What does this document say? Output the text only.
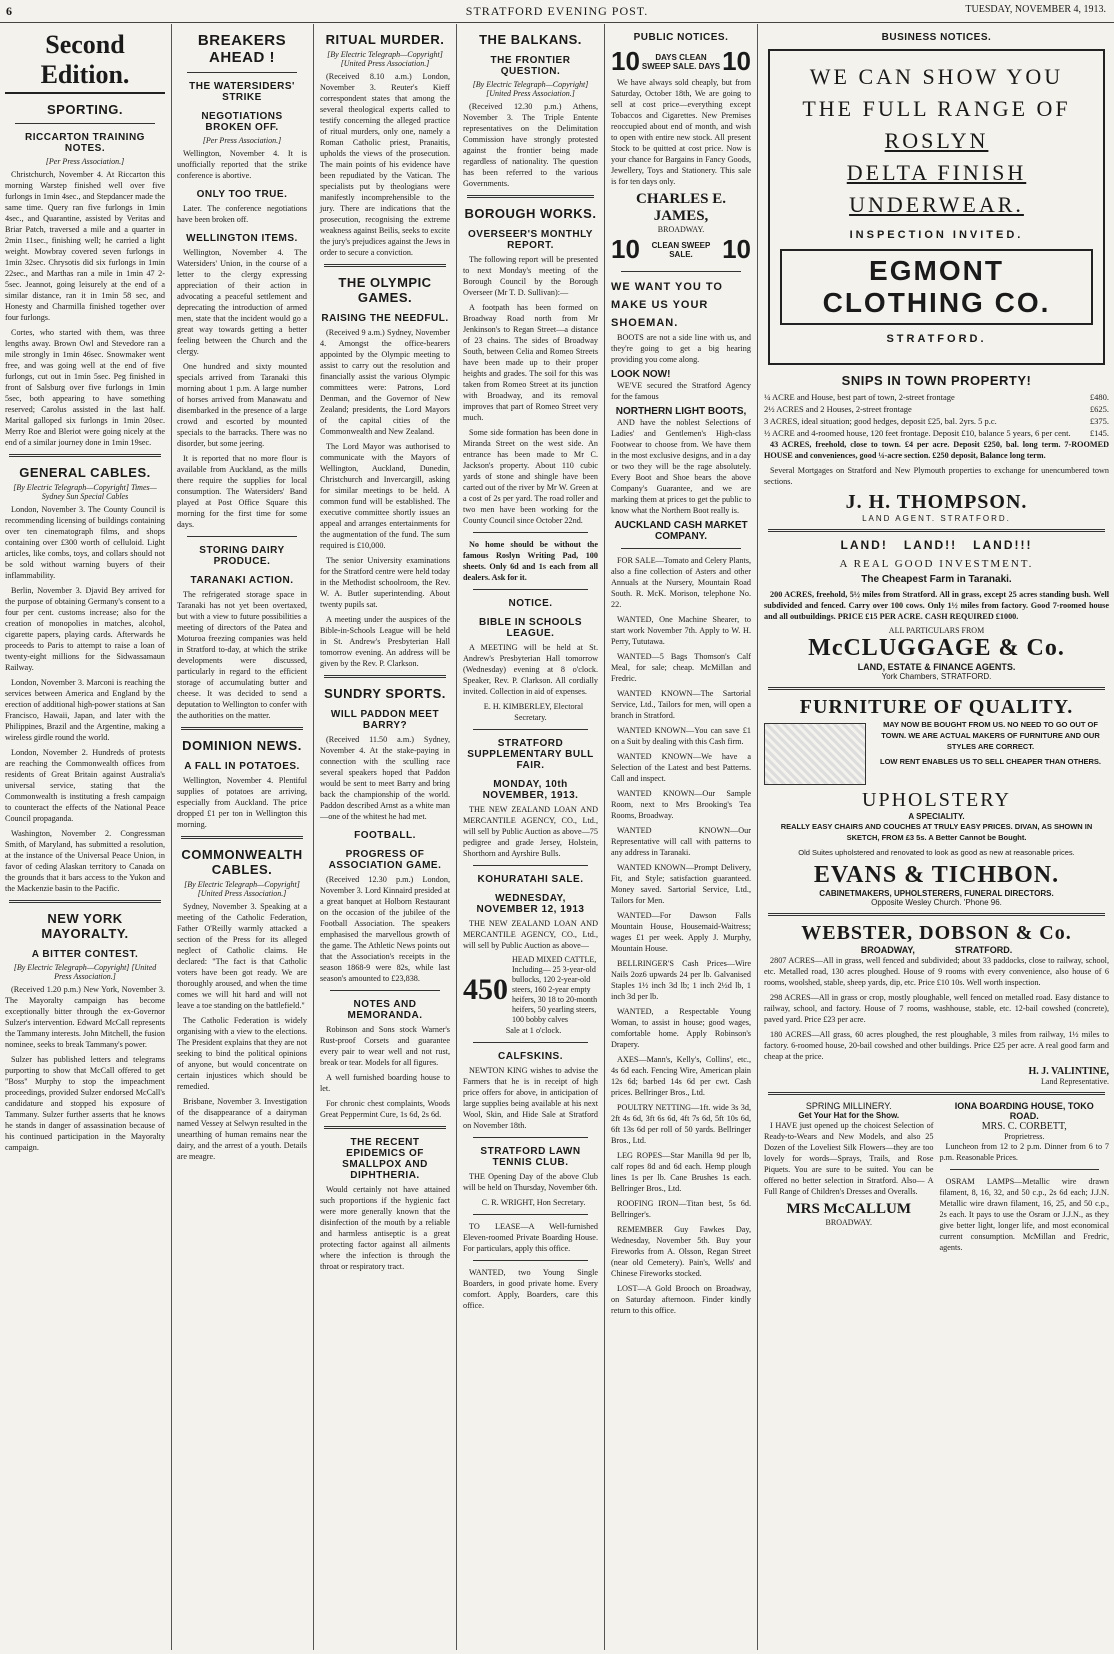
6	STRATFORD EVENING POST.	TUESDAY, NOVEMBER 4, 1913.
Second Edition.
SPORTING.
RICCARTON TRAINING NOTES.
[Per Press Association.]

Christchurch, November 4. At Riccarton this morning Warstep finished well over five furlongs in 1min 4sec., and Stepdancer made the same time. Query ran five furlongs in 1min 4sec., and Quarantine, assisted by Veritas and Briar Patch, traversed a mile and a quarter in 2min 11sec., finishing well; he carried a light weight. Mowbray covered seven furlongs in 1min 32sec. Chrysotis did six furlongs in 1min 22sec., and Marthas ran a mile in 1min 47 2-5sec. Jeannot, going leisurely at the end of a similar distance, ran it in 1min 58 sec, and Honesty and Charmilla finished together over four furlongs.

Cortes, who started with them, was three lengths away. Brown Owl and Stevedore ran a mile strongly in 1min 46sec. Snowmaker went free, and was going well at the end of five furlongs, cut out in 1min 5sec. Peg finished in front of Salsburg over five furlongs in 1min 5sec, both appearing to have something reserved; Carolus assisted in the last half. Marital galloped six furlongs in 1min 20sec. Merry Roe and Bleriot were going nicely at the end of a similar journey done in 1min 19sec.

GENERAL CABLES.
[By Electric Telegraph—Copyright] Times—Sydney Sun Special Cables

London, November 3. The County Council is recommending licensing of buildings containing over ten cinematograph films, and shops containing over £300 worth of celluloid. Light articles, like combs, toys, and collars should not be sold without warning buyers of their inflammability.

Berlin, November 3. Djavid Bey arrived for the purpose of obtaining Germany's consent to a four per cent. customs increase; also for the creation of monopolies in matches, alcohol, cigarette papers, playing cards. Afterwards he proceeds to Paris to attempt to raise a loan of twenty-eight millions for the Sidwassamaun Railway.

London, November 3. Marconi is reaching the services between America and England by the erection of additional high-power stations at San Francisco, Hawaii, Japan, and later with the Philippines, Brazil and the Argentine, making a wireless girdle round the world.

London, November 2. Hundreds of protests are reaching the Commonwealth offices from residents of Great Britain against Australia's universal service, stating that the Commonwealth is instituting a fresh campaign to counteract the effects of the National Peace Council propaganda.

Washington, November 2. Congressman Smith, of Maryland, has submitted a resolution, at the instance of the Universal Peace Union, in favor of ceding Alaskan territory to Canada on the grounds that it bars access to the Yukon and the Mackenzie basin to the Pacific.

NEW YORK MAYORALTY.
A BITTER CONTEST.
[By Electric Telegraph—Copyright] [United Press Association.]

(Received 1.20 p.m.) New York, November 3. The Mayoralty campaign has become exceptionally bitter through the ex-Governor Sulzer's intervention. Edward McCall represents the Tammany interests. John Mitchell, the fusion nominee, seeks to break Tammany's power.

Sulzer has published letters and telegrams purporting to show that McCall offered to get "Boss" Murphy to stop the impeachment proceedings, provided Sulzer endorsed McCall's candidature and stopped his exposure of Tammany. Sulzer further asserts that he knows he stands in danger of assassination because of his continued participation in the Mayoralty campaign.

BREAKERS AHEAD !
THE WATERSIDERS' STRIKE
NEGOTIATIONS BROKEN OFF.
[Per Press Association.]

Wellington, November 4. It is unofficially reported that the strike conference is abortive.

ONLY TOO TRUE.

Later. The conference negotiations have been broken off.

WELLINGTON ITEMS.

Wellington, November 4. The Watersiders' Union, in the course of a letter to the clergy expressing appreciation of their action in advocating a peaceful settlement and deprecating the introduction of armed men, state that the incident would go a great way towards getting a better feeling between the Church and the clergy.

One hundred and sixty mounted specials arrived from Taranaki this morning about 1 p.m. A large number of horses arrived from Manawatu and disembarked in the presence of a large crowd and escorted by mounted specials to the barracks. There was no disorder, but some jeering.

It is reported that no more flour is available from Auckland, as the mills there require the supplies for local consumption. The Watersiders' Band played at Post Office Square this morning for the first time for some days.

STORING DAIRY PRODUCE.
TARANAKI ACTION.

The refrigerated storage space in Taranaki has not yet been overtaxed, but with a view to future possibilities a meeting of directors of the Patea and Moturoa freezing companies was held in Stratford to-day, at which the strike developments were discussed, particularly in regard to the efficient storage of accumulating butter and cheese. It was decided to send a deputation to Wellington to confer with the authorities on the matter.

DOMINION NEWS.
A FALL IN POTATOES.

Wellington, November 4. Plentiful supplies of potatoes are arriving, especially from Auckland. The price dropped £1 per ton in Wellington this morning.

COMMONWEALTH CABLES.
[By Electric Telegraph—Copyright] [United Press Association.]

Sydney, November 3. Speaking at a meeting of the Catholic Federation, Father O'Reilly warmly attacked a section of the Press for its alleged neglect of Catholic claims. He declared: "The fact is that Catholic voters have been got ready. We are thoroughly aroused, and when the time comes we will hit hard and will not leave a toe standing on the battlefield."

The Catholic Federation is widely organising with a view to the elections. The President explains that they are not seeking to bind the political opinions of anyone, but would concentrate on certain injustices which should be remedied.

Brisbane, November 3. Investigation of the disappearance of a dairyman named Vessey at Selwyn resulted in the unearthing of human remains near the dairy, and the arrest of a youth. Details are meagre.

RITUAL MURDER.
[By Electric Telegraph—Copyright] [United Press Association.]

(Received 8.10 a.m.) London, November 3. Reuter's Kieff correspondent states that among the several theological experts called to testify concerning the alleged practice of ritual murders, only one, namely a Roman Catholic priest, Pranaitis, upholds the views of the prosecution. The main points of his evidence have been repudiated by the Vatican. The specialists put by theologians were manifestly incomprehensible to the jury. There are indications that the prosecution, recognising the extreme weakness against Beilis, seeks to excite the jury's prejudices against the Jews in order to secure a conviction.

THE OLYMPIC GAMES.
RAISING THE NEEDFUL.

(Received 9 a.m.) Sydney, November 4. Amongst the office-bearers appointed by the Olympic meeting to assist to carry out the resolution and financially assist the various Olympic committees were: Patrons, Lord Denman, and the Governor of New Zealand; presidents, the Lord Mayors of the capital cities of the Commonwealth and New Zealand.

The Lord Mayor was authorised to communicate with the Mayors of Wellington, Auckland, Dunedin, Christchurch and Invercargill, asking for similar meetings to be held. A common fund will be established. The executive committee shortly issues an appeal and arranges entertainments for the augmentation of the fund. The sum required is £10,000.

The senior University examinations for the Stratford centre were held today in the Methodist schoolroom, the Rev. W. A. Butler superintending. About twenty pupils sat.

A meeting under the auspices of the Bible-in-Schools League will be held in St. Andrew's Presbyterian Hall tomorrow evening. An address will be given by the Rev. P. Clarkson.

SUNDRY SPORTS.
WILL PADDON MEET BARRY?

(Received 11.50 a.m.) Sydney, November 4. At the stake-paying in connection with the sculling race several speakers hoped that Paddon would be sent to meet Barry and bring back the championship of the world. Paddon described Arnst as a white man—one of the whitest he had met.

FOOTBALL.
PROGRESS OF ASSOCIATION GAME.

(Received 12.30 p.m.) London, November 3. Lord Kinnaird presided at a great banquet at Holborn Restaurant on the occasion of the jubilee of the Football Association. The speakers emphasised the marvellous growth of the game. The Athletic News points out that the Association's receipts in the season 1868-9 were 82s, while last season's amounted to £23,838.

NOTES AND MEMORANDA.

Robinson and Sons stock Warner's Rust-proof Corsets and guarantee every pair to wear well and not rust, break or tear. Models for all figures.

A well furnished boarding house to let.

For chronic chest complaints, Woods Great Peppermint Cure, 1s 6d, 2s 6d.

THE RECENT EPIDEMICS OF SMALLPOX AND DIPHTHERIA.

Would certainly not have attained such proportions if the hygienic fact were more generally known that the disinfection of the mouth by a reliable and harmless antiseptic is a great protecting factor against all ailments where the infection is through the throat or respiratory tract.

THE BALKANS.
THE FRONTIER QUESTION.
[By Electric Telegraph—Copyright] [United Press Association.]

(Received 12.30 p.m.) Athens, November 3. The Triple Entente representatives on the Delimitation Commission have strongly protested against the frontier being made regardless of nationality. The question has been referred to the various Governments.

BOROUGH WORKS.
OVERSEER'S MONTHLY REPORT.

The following report will be presented to next Monday's meeting of the Borough Council by the Borough Overseer (Mr T. D. Sullivan):—

A footpath has been formed on Broadway Road north from Mr Jenkinson's to Regan Street—a distance of 23 chains. The sides of Broadway South, between Celia and Romeo Streets have been made up to their proper heights and grades. The soil for this was taken from Romeo Street at its junction with Broadway, and its removal improves that part of Romeo Street very much.

Some side formation has been done in Miranda Street on the west side. An entrance has been made to Mr C. Jackson's property. About 110 cubic yards of stone and shingle have been carted out of the river by Mr W. Green at a cost of 2s per yard. The road roller and two men have been working for the County Council since October 22nd.

No home should be without the famous Roslyn Writing Pad, 100 sheets. Only 6d and 1s each from all dealers. Ask for it.

NOTICE.
BIBLE IN SCHOOLS LEAGUE.

A MEETING will be held at St. Andrew's Presbyterian Hall tomorrow (Wednesday) evening at 8 o'clock. Speaker, Rev. P. Clarkson. All cordially invited. Collection in aid of expenses.

E. H. KIMBERLEY, Electoral Secretary.

STRATFORD SUPPLEMENTARY BULL FAIR.
MONDAY, 10th NOVEMBER, 1913.

THE NEW ZEALAND LOAN AND MERCANTILE AGENCY, CO., Ltd., will sell by Public Auction as above—75 pedigree and grade Jersey, Holstein, Shorthorn and Ayrshire Bulls.

KOHURATAHI SALE.
WEDNESDAY, NOVEMBER 12, 1913

THE NEW ZEALAND LOAN AND MERCANTILE AGENCY, CO., Ltd., will sell by Public Auction as above—

450
HEAD MIXED CATTLE, Including— 25 3-year-old bullocks, 120 2-year-old steers, 160 2-year empty heifers, 30 18 to 20-month heifers, 50 yearling steers, 100 bobby calves

Sale at 1 o'clock.

CALFSKINS.

NEWTON KING wishes to advise the Farmers that he is in receipt of high price offers for above, in anticipation of large supplies being available at his next Wool, Skin, and Hide Sale at Stratford on November 18th.

STRATFORD LAWN TENNIS CLUB.

THE Opening Day of the above Club will be held on Thursday, November 6th.

C. R. WRIGHT, Hon Secretary.

TO LEASE—A Well-furnished Eleven-roomed Private Boarding House. For particulars, apply this office.

WANTED, two Young Single Boarders, in good private home. Every comfort. Apply, Boarders, care this office.

PUBLIC NOTICES.
10	DAYS CLEAN SWEEP SALE. DAYS 10

We have always sold cheaply, but from Saturday, October 18th, We are going to sell at cost price—everything except Tobaccos and Cigarettes. New Premises reoccupied about end of month, and wish to open with entire new stock. All present Stock to be quitted at cost price. Now is your chance for Bargains in Fancy Goods, Jewellery, Toys and Stationery. This sale is for ten days only.

CHARLES E. JAMES,
BROADWAY.
10	CLEAN SWEEP SALE.	10
WE WANT YOU TO MAKE US YOUR SHOEMAN.

BOOTS are not a side line with us, and they're going to get a big hearing providing you come along.

LOOK NOW!

WE'VE secured the Stratford Agency for the famous

NORTHERN LIGHT BOOTS,

AND have the noblest Selections of Ladies' and Gentlemen's High-class Footwear to choose from. We have them in the most exclusive designs, and in a day or two they will be the rage absolutely. Every Boot and Shoe bears the above Company's Guarantee, and we are marking them at prices to get the public to know what the Northern Boot really is.

AUCKLAND CASH MARKET COMPANY.

FOR SALE—Tomato and Celery Plants, also a fine collection of Asters and other Annuals at the Nursery, Mountain Road South. R. McK. Morison, telephone No. 22.

WANTED, One Machine Shearer, to start work November 7th. Apply to W. H. Perry, Tututawa.

WANTED—5 Bags Thomson's Calf Meal, for sale; cheap. McMillan and Fredric.

WANTED KNOWN—The Sartorial Service, Ltd., Tailors for men, will open a branch in Stratford.

WANTED KNOWN—You can save £1 on a Suit by dealing with this Cash firm.

WANTED KNOWN—We have a Selection of the Latest and best Patterns. Call and inspect.

WANTED KNOWN—Our Sample Room, next to Mrs Brooking's Tea Rooms, Broadway.

WANTED KNOWN—Our Representative will call with patterns to any address in Taranaki.

WANTED KNOWN—Prompt Delivery, Fit, and Style; satisfaction guaranteed. Money saved. Sartorial Service, Ltd., Tailors for Men.

WANTED—For Dawson Falls Mountain House, Housemaid-Waitress; wages £1 per week. Apply J. Murphy, Mountain House.

BELLRINGER'S Cash Prices—Wire Nails 2oz6 upwards 24 per lb. Galvanised Staples 1½ inch 3d lb; 1 inch 2½d lb, 1 inch 3d per lb.

WANTED, a Respectable Young Woman, to assist in house; good wages, comfortable home. Apply Robinson's Drapery.

AXES—Mann's, Kelly's, Collins', etc., 4s 6d each. Fencing Wire, American plain 12s 6d; barbed 14s 6d per cwt. Cash prices. Bellringer Bros., Ltd.

POULTRY NETTING—1ft. wide 3s 3d, 2ft 4s 6d, 3ft 6s 6d, 4ft 7s 6d, 5ft 10s 6d, 6ft 13s 6d per roll of 50 yards. Bellringer Bros., Ltd.

LEG ROPES—Star Manilla 9d per lb, calf ropes 8d and 6d each. Hemp plough lines 1s per lb. Cane Brushes 1s each. Bellringer Bros., Ltd.

ROOFING IRON—Titan best, 5s 6d. Bellringer's.

REMEMBER Guy Fawkes Day, Wednesday, November 5th. Buy your Fireworks from A. Olsson, Regan Street (near old Cemetery). Pain's, Wells' and Chinese Fireworks stocked.

LOST—A Gold Brooch on Broadway, on Saturday afternoon. Finder kindly return to this office.

BUSINESS NOTICES.
WE CAN SHOW YOU
THE FULL RANGE OF
ROSLYN
DELTA FINISH
UNDERWEAR.
INSPECTION INVITED.
EGMONT CLOTHING CO.
STRATFORD.
SNIPS IN TOWN PROPERTY!
¼ ACRE and House, best part of town, 2-street frontage	£480.
2½ ACRES and 2 Houses, 2-street frontage	£625.
3 ACRES, ideal situation; good hedges, deposit £25, bal. 2yrs. 5 p.c.	£375.
½ ACRE and 4-roomed house, 120 feet frontage. Deposit £10, balance 5 years, 6 per cent. £145.

43 ACRES, freehold, close to town. £4 per acre. Deposit £250, bal. long term. 7-ROOMED HOUSE and conveniences, good ¼-acre section. £250 deposit, Balance long term.

Several Mortgages on Stratford and New Plymouth properties to exchange for unencumbered town sections.

J. H. THOMPSON.
LAND AGENT. STRATFORD.
LAND!   LAND!!   LAND!!!
A REAL GOOD INVESTMENT.
The Cheapest Farm in Taranaki.

200 ACRES, freehold, 5½ miles from Stratford. All in grass, except 25 acres standing bush. Well subdivided and fenced. Carry over 100 cows. Only 1½ miles from factory. Good 7-roomed house and all outbuildings. PRICE £15 PER ACRE. CASH REQUIRED £1000.

ALL PARTICULARS FROM
McCLUGGAGE & Co.
LAND, ESTATE & FINANCE AGENTS.
York Chambers, STRATFORD.
FURNITURE OF QUALITY.

MAY NOW BE BOUGHT FROM US. NO NEED TO GO OUT OF TOWN. WE ARE ACTUAL MAKERS OF FURNITURE AND OUR STYLES ARE CORRECT.

LOW RENT ENABLES US TO SELL CHEAPER THAN OTHERS.

UPHOLSTERY
A SPECIALITY.

REALLY EASY CHAIRS AND COUCHES AT TRULY EASY PRICES. DIVAN, AS SHOWN IN SKETCH, FROM £3 5s. A Better Cannot be Bought.

Old Suites upholstered and renovated to look as good as new at reasonable prices.

EVANS & TICHBON.
CABINETMAKERS, UPHOLSTERERS, FUNERAL DIRECTORS.
Opposite Wesley Church. 'Phone 96.
WEBSTER, DOBSON & Co.
BROADWAY,                STRATFORD.

2807 ACRES—All in grass, well fenced and subdivided; about 33 paddocks, close to railway, school, etc. Metalled road, 130 acres ploughed. House of 9 rooms with every convenience, also house of 6 rooms, woolshed, stable, sheep yards, dip, etc. Price £10 10s. Well worth inspection.

298 ACRES—All in grass or crop, mostly ploughable, well fenced on metalled road. Easy distance to railway, school, and factory. House of 7 rooms, washhouse, stable, etc. 12-bail cowshed (concrete), paved yard. Price £23 per acre.

180 ACRES—All grass, 60 acres ploughed, the rest ploughable, 3 miles from railway, 1½ miles to factory. 6-roomed house, 20-bail cowshed and other buildings. Price £25 per acre. A real good farm and cheap at the price.

H. J. VALINTINE,
Land Representative.
SPRING MILLINERY.
Get Your Hat for the Show.

I HAVE just opened up the choicest Selection of Ready-to-Wears and New Models, and also 25 Dozen of the Loveliest Silk Flowers—they are too lovely for words—Sprays, Trails, and Rose Piquets. You are sure to be suited. You can be offered no better selection in Stratford. Also— A Full Range of Children's Dresses and Overalls.

MRS McCALLUM
BROADWAY.
IONA BOARDING HOUSE, TOKO ROAD.
MRS. C. CORBETT,
Proprietress.

Luncheon from 12 to 2 p.m. Dinner from 6 to 7 p.m. Reasonable Prices.

OSRAM LAMPS—Metallic wire drawn filament, 8, 16, 32, and 50 c.p., 2s 6d each; J.J.N. Metallic wire drawn filament, 16, 25, and 50 c.p., 2s each. It pays to use the Osram or J.J.N., as they give better light, longer life, and most economical current consumption. McMillan and Fredric, agents.
